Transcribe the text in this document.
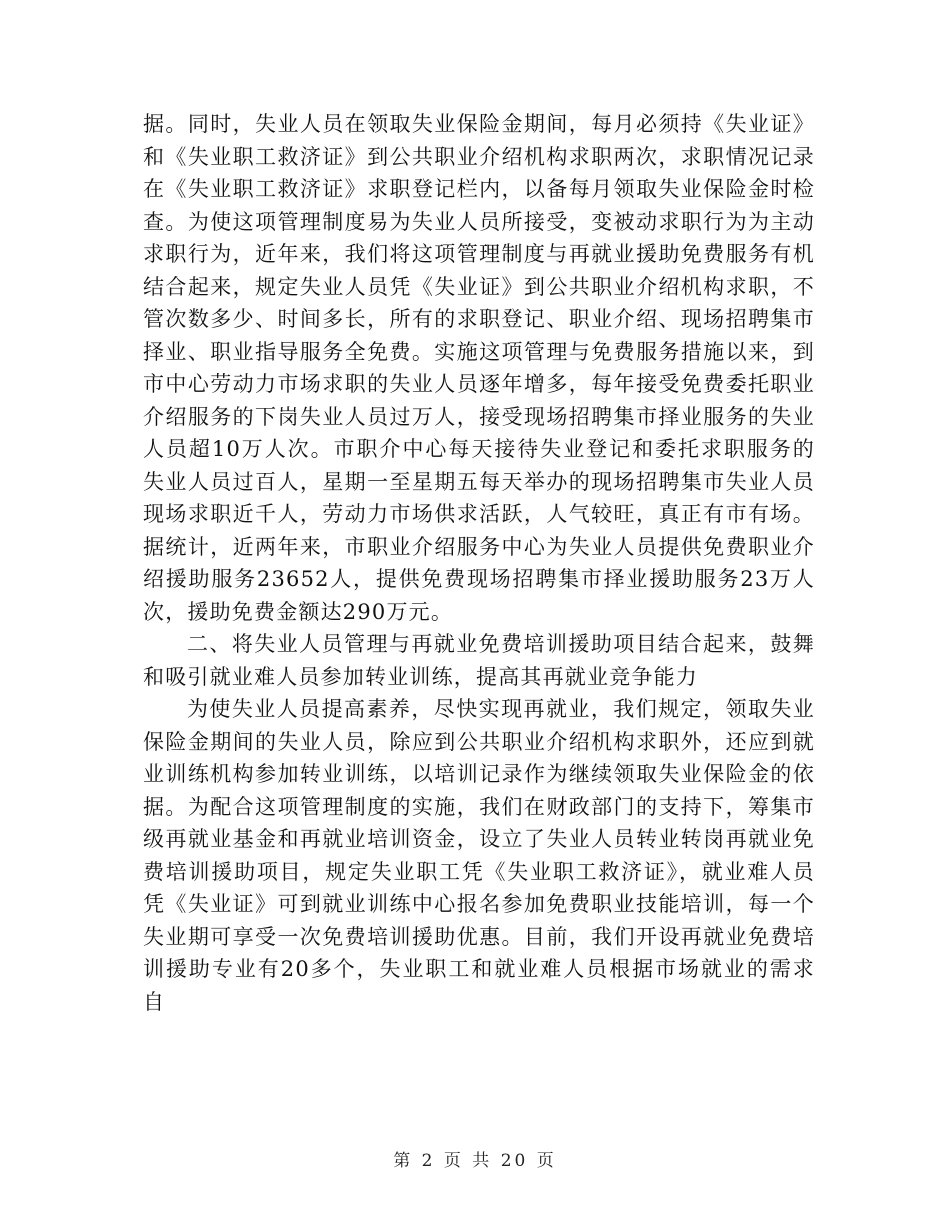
据。同时，失业人员在领取失业保险金期间，每月必须持《失业证》和《失业职工救济证》到公共职业介绍机构求职两次，求职情况记录在《失业职工救济证》求职登记栏内，以备每月领取失业保险金时检查。为使这项管理制度易为失业人员所接受，变被动求职行为为主动求职行为，近年来，我们将这项管理制度与再就业援助免费服务有机结合起来，规定失业人员凭《失业证》到公共职业介绍机构求职，不管次数多少、时间多长，所有的求职登记、职业介绍、现场招聘集市择业、职业指导服务全免费。实施这项管理与免费服务措施以来，到市中心劳动力市场求职的失业人员逐年增多，每年接受免费委托职业介绍服务的下岗失业人员过万人，接受现场招聘集市择业服务的失业人员超10万人次。市职介中心每天接待失业登记和委托求职服务的失业人员过百人，星期一至星期五每天举办的现场招聘集市失业人员现场求职近千人，劳动力市场供求活跃，人气较旺，真正有市有场。据统计，近两年来，市职业介绍服务中心为失业人员提供免费职业介绍援助服务23652人，提供免费现场招聘集市择业援助服务23万人次，援助免费金额达290万元。

二、将失业人员管理与再就业免费培训援助项目结合起来，鼓舞和吸引就业难人员参加转业训练，提高其再就业竞争能力

为使失业人员提高素养，尽快实现再就业，我们规定，领取失业保险金期间的失业人员，除应到公共职业介绍机构求职外，还应到就业训练机构参加转业训练，以培训记录作为继续领取失业保险金的依据。为配合这项管理制度的实施，我们在财政部门的支持下，筹集市级再就业基金和再就业培训资金，设立了失业人员转业转岗再就业免费培训援助项目，规定失业职工凭《失业职工救济证》，就业难人员凭《失业证》可到就业训练中心报名参加免费职业技能培训，每一个失业期可享受一次免费培训援助优惠。目前，我们开设再就业免费培训援助专业有20多个，失业职工和就业难人员根据市场就业的需求自

第 2 页 共 20 页
